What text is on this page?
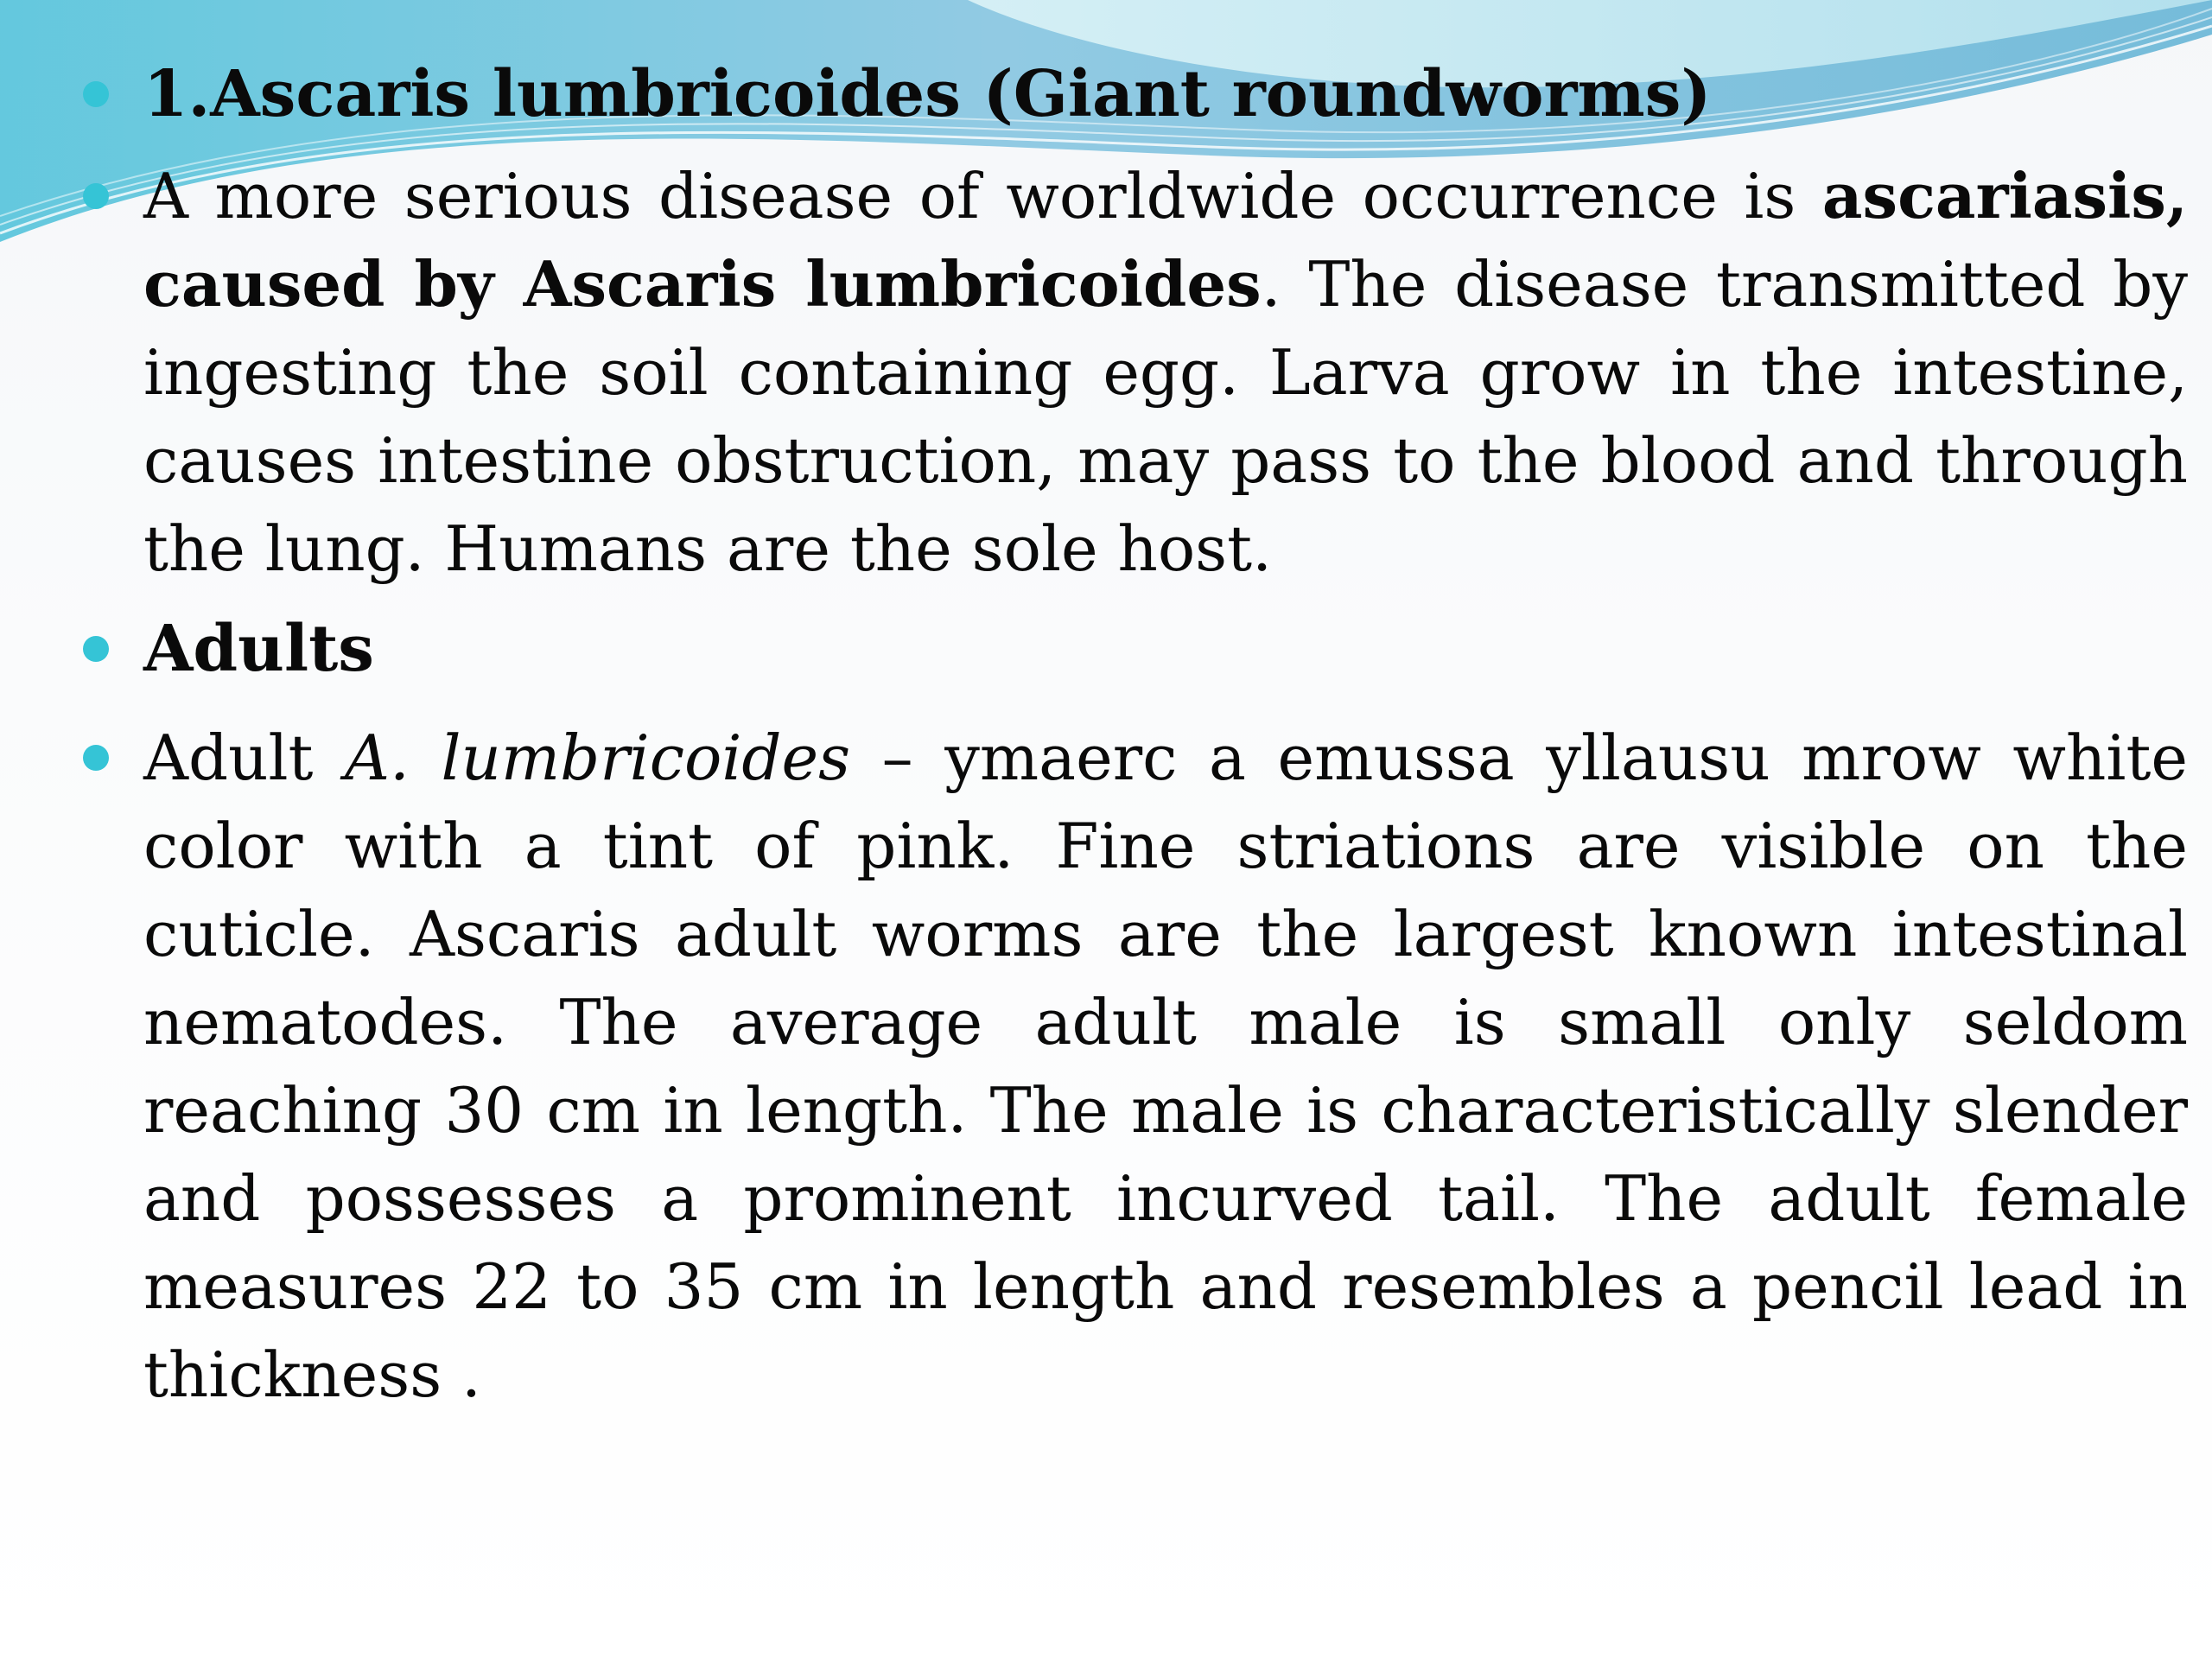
1.Ascaris lumbricoides (Giant roundworms)
A more serious disease of worldwide occurrence is ascariasis, caused by Ascaris lumbricoides. The disease transmitted by ingesting the soil containing egg. Larva grow in the intestine, causes intestine obstruction, may pass to the blood and through the lung. Humans are the sole host.
Adults
Adult A. lumbricoides – ymaerc a emussa yllausu mrow white color with a tint of pink. Fine striations are visible on the cuticle. Ascaris adult worms are the largest known intestinal nematodes. The average adult male is small only seldom reaching 30 cm in length. The male is characteristically slender and possesses a prominent incurved tail. The adult female measures 22 to 35 cm in length and resembles a pencil lead in thickness .
